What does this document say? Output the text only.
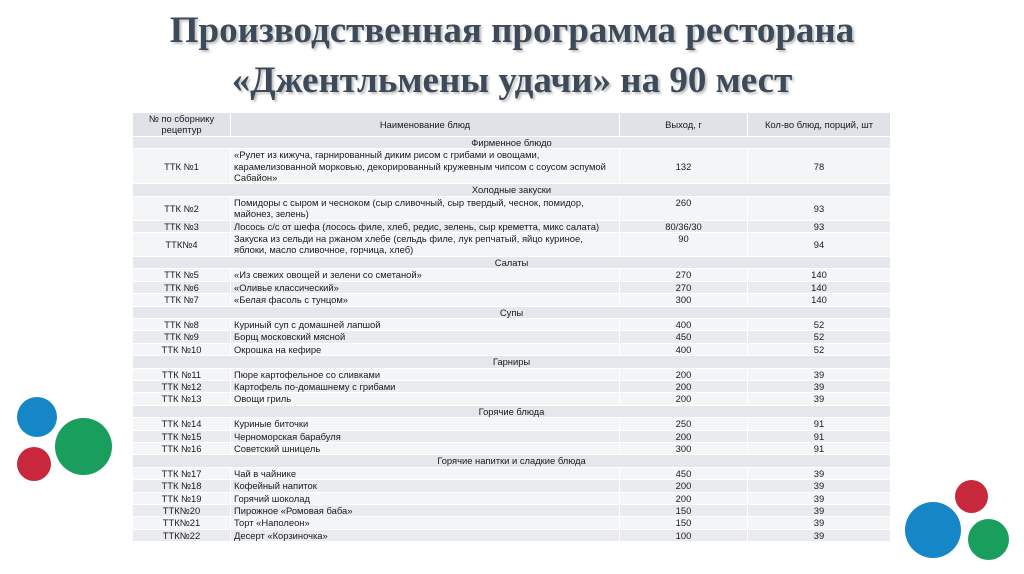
Производственная программа ресторана
«Джентльмены удачи» на 90 мест
№ по сборнику рецептур	Наименование блюд	Выход, г	Кол-во блюд, порций, шт
Фирменное блюдо			
ТТК №1	«Рулет из кижуча, гарнированный диким рисом с грибами и овощами, карамелизованной морковью, декорированный кружевным чипсом с соусом эспумой Сабайон»	132	78
Холодные закуски			
ТТК №2	Помидоры с сыром и чесноком (сыр сливочный, сыр твердый, чеснок, помидор, майонез, зелень)	260	93
ТТК №3	Лосось с/с от шефа (лосось филе, хлеб, редис, зелень, сыр креметта, микс салата)	80/36/30	93
ТТК№4	Закуска из сельди на ржаном хлебе (сельдь филе, лук репчатый, яйцо куриное, яблоки, масло сливочное, горчица, хлеб)	90	94
Салаты			
ТТК №5	«Из свежих овощей и зелени со сметаной»	270	140
ТТК №6	«Оливье классический»	270	140
ТТК №7	«Белая фасоль с тунцом»	300	140
Супы			
ТТК №8	Куриный суп с домашней лапшой	400	52
ТТК №9	Борщ московский мясной	450	52
ТТК №10	Окрошка на кефире	400	52
Гарниры			
ТТК №11	Пюре картофельное со сливками	200	39
ТТК №12	Картофель по-домашнему с грибами	200	39
ТТК №13	Овощи гриль	200	39
Горячие блюда			
ТТК №14	Куриные биточки	250	91
ТТК №15	Черноморская барабуля	200	91
ТТК №16	Советский шницель	300	91
Горячие напитки и сладкие блюда			
ТТК №17	Чай в чайнике	450	39
ТТК №18	Кофейный напиток	200	39
ТТК №19	Горячий шоколад	200	39
ТТК№20	Пирожное «Ромовая баба»	150	39
ТТК№21	Торт «Наполеон»	150	39
ТТК№22	Десерт «Корзиночка»	100	39
